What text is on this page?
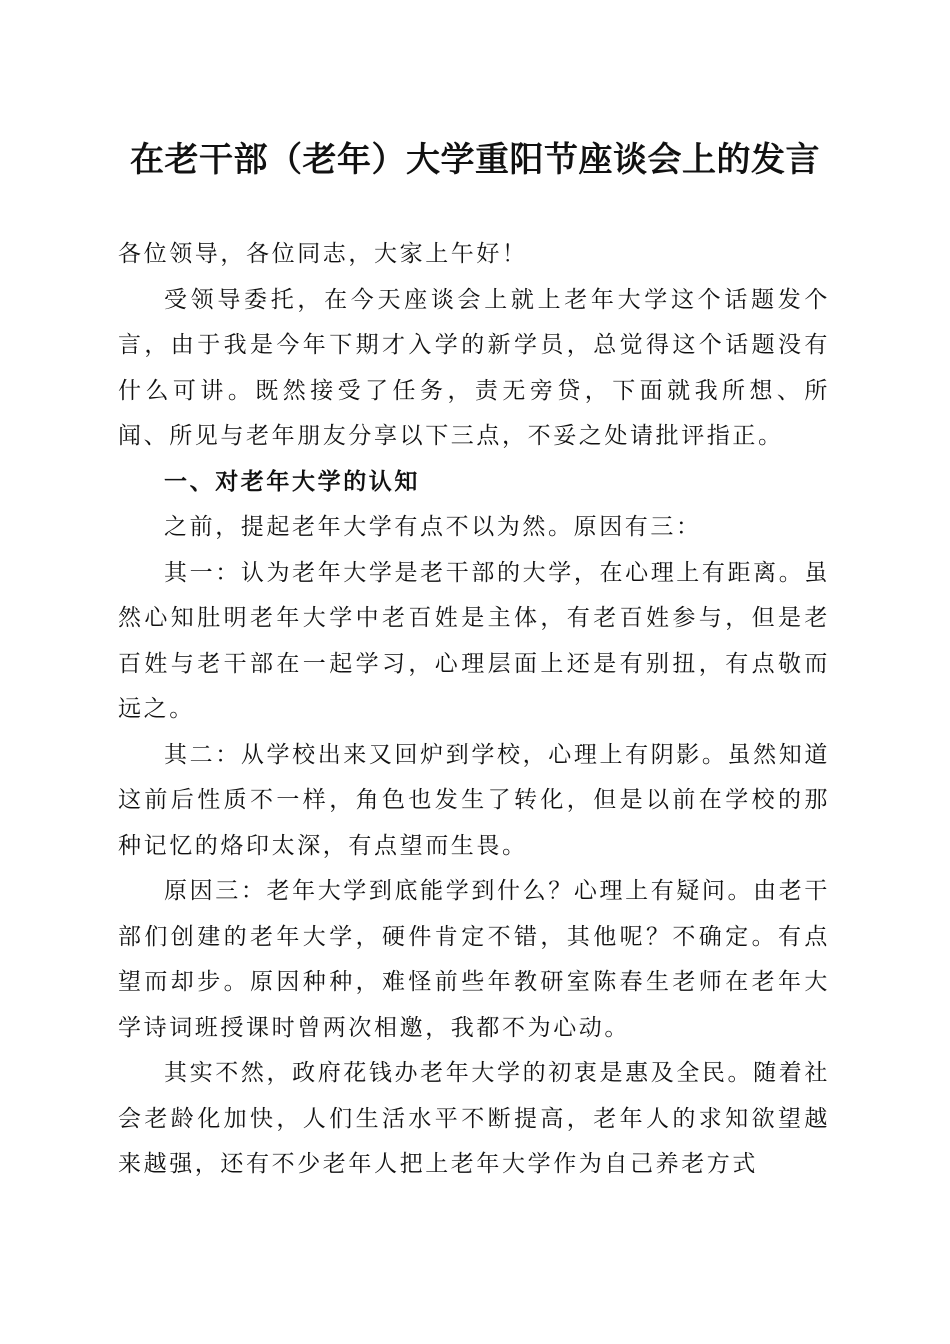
在老干部（老年）大学重阳节座谈会上的发言

各位领导，各位同志，大家上午好！

受领导委托，在今天座谈会上就上老年大学这个话题发个言，由于我是今年下期才入学的新学员，总觉得这个话题没有什么可讲。既然接受了任务，责无旁贷，下面就我所想、所闻、所见与老年朋友分享以下三点，不妥之处请批评指正。

一、对老年大学的认知

之前，提起老年大学有点不以为然。原因有三：

其一：认为老年大学是老干部的大学，在心理上有距离。虽然心知肚明老年大学中老百姓是主体，有老百姓参与，但是老百姓与老干部在一起学习，心理层面上还是有别扭，有点敬而远之。

其二：从学校出来又回炉到学校，心理上有阴影。虽然知道这前后性质不一样，角色也发生了转化，但是以前在学校的那种记忆的烙印太深，有点望而生畏。

原因三：老年大学到底能学到什么？心理上有疑问。由老干部们创建的老年大学，硬件肯定不错，其他呢？不确定。有点望而却步。原因种种，难怪前些年教研室陈春生老师在老年大学诗词班授课时曾两次相邀，我都不为心动。

其实不然，政府花钱办老年大学的初衷是惠及全民。随着社会老龄化加快，人们生活水平不断提高，老年人的求知欲望越来越强，还有不少老年人把上老年大学作为自己养老方式
